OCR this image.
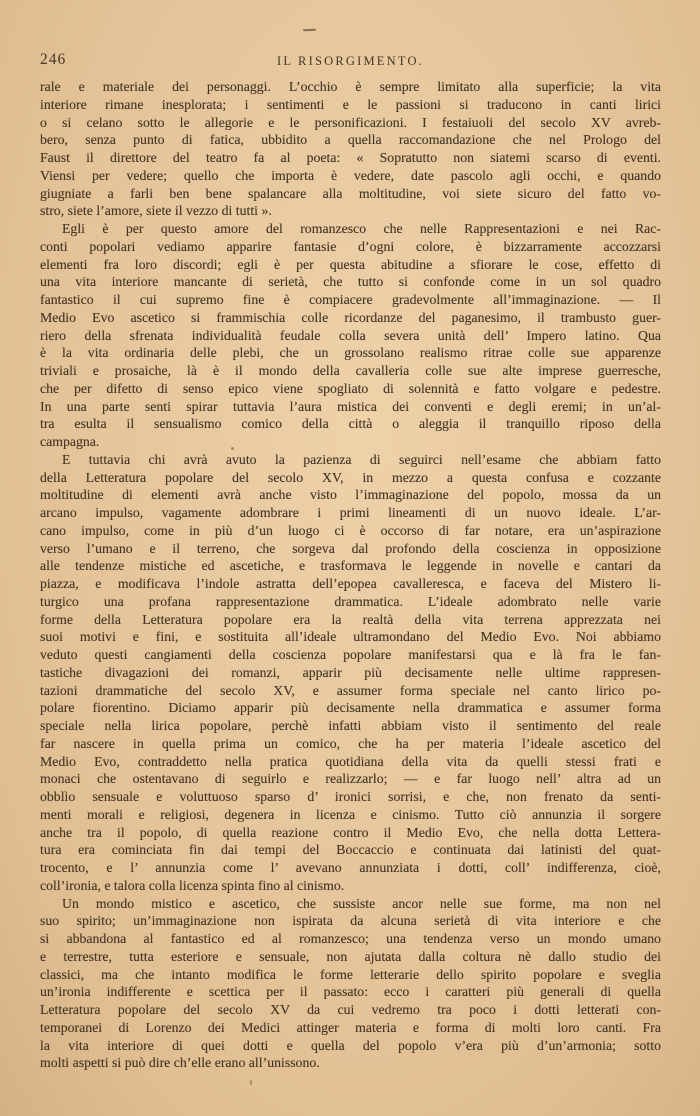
246	IL RISORGIMENTO.
rale e materiale dei personaggi. L’occhio è sempre limitato alla superficie; la vita
interiore rimane inesplorata; i sentimenti e le passioni si traducono in canti lirici
o si celano sotto le allegorie e le personificazioni. I festaiuoli del secolo XV avreb-
bero, senza punto di fatica, ubbidito a quella raccomandazione che nel Prologo del
Faust il direttore del teatro fa al poeta: « Sopratutto non siatemi scarso di eventi.
Viensi per vedere; quello che importa è vedere, date pascolo agli occhi, e quando
giugniate a farli ben bene spalancare alla moltitudine, voi siete sicuro del fatto vo-
stro, siete l’amore, siete il vezzo di tutti ».
Egli è per questo amore del romanzesco che nelle Rappresentazioni e nei Rac-
conti popolari vediamo apparire fantasie d’ogni colore, è bizzarramente accozzarsi
elementi fra loro discordi; egli è per questa abitudine a sfiorare le cose, effetto di
una vita interiore mancante di serietà, che tutto si confonde come in un sol quadro
fantastico il cui supremo fine è compiacere gradevolmente all’immaginazione. — Il
Medio Evo ascetico si frammischia colle ricordanze del paganesimo, il trambusto guer-
riero della sfrenata individualità feudale colla severa unità dell’ Impero latino. Qua
è la vita ordinaria delle plebi, che un grossolano realismo ritrae colle sue apparenze
triviali e prosaiche, là è il mondo della cavalleria colle sue alte imprese guerresche,
che per difetto di senso epico viene spogliato di solennità e fatto volgare e pedestre.
In una parte senti spirar tuttavia l’aura mistica dei conventi e degli eremi; in un’al-
tra esulta il sensualismo comico della città o aleggia il tranquillo riposo della
campagna.
E tuttavia chi avrà avuto la pazienza di seguirci nell’esame che abbiam fatto
della Letteratura popolare del secolo XV, in mezzo a questa confusa e cozzante
moltitudine di elementi avrà anche visto l’immaginazione del popolo, mossa da un
arcano impulso, vagamente adombrare i primi lineamenti di un nuovo ideale. L’ar-
cano impulso, come in più d’un luogo ci è occorso di far notare, era un’aspirazione
verso l’umano e il terreno, che sorgeva dal profondo della coscienza in opposizione
alle tendenze mistiche ed ascetiche, e trasformava le leggende in novelle e cantari da
piazza, e modificava l’indole astratta dell’epopea cavalleresca, e faceva del Mistero li-
turgico una profana rappresentazione drammatica. L’ideale adombrato nelle varie
forme della Letteratura popolare era la realtà della vita terrena apprezzata nei
suoi motivi e fini, e sostituita all’ideale ultramondano del Medio Evo. Noi abbiamo
veduto questi cangiamenti della coscienza popolare manifestarsi qua e là fra le fan-
tastiche divagazioni dei romanzi, apparir più decisamente nelle ultime rappresen-
tazioni drammatiche del secolo XV, e assumer forma speciale nel canto lirico po-
polare fiorentino. Diciamo apparir più decisamente nella drammatica e assumer forma
speciale nella lirica popolare, perchè infatti abbiam visto il sentimento del reale
far nascere in quella prima un comico, che ha per materia l’ideale ascetico del
Medio Evo, contraddetto nella pratica quotidiana della vita da quelli stessi frati e
monaci che ostentavano di seguirlo e realizzarlo; — e far luogo nell’ altra ad un
obblìo sensuale e voluttuoso sparso d’ ironici sorrisi, e che, non frenato da senti-
menti morali e religiosi, degenera in licenza e cinismo. Tutto ciò annunzia il sorgere
anche tra il popolo, di quella reazione contro il Medio Evo, che nella dotta Lettera-
tura era cominciata fin dai tempi del Boccaccio e continuata dai latinisti del quat-
trocento, e l’ annunzia come l’ avevano annunziata i dotti, coll’ indifferenza, cioè,
coll’ironia, e talora colla licenza spinta fino al cinismo.
Un mondo mistico e ascetico, che sussiste ancor nelle sue forme, ma non nel
suo spirito; un’immaginazione non ispirata da alcuna serietà di vita interiore e che
si abbandona al fantastico ed al romanzesco; una tendenza verso un mondo umano
e terrestre, tutta esteriore e sensuale, non ajutata dalla coltura nè dallo studio dei
classici, ma che intanto modifica le forme letterarie dello spirito popolare e sveglia
un’ironia indifferente e scettica per il passato: ecco i caratteri più generali di quella
Letteratura popolare del secolo XV da cui vedremo tra poco i dotti letterati con-
temporanei di Lorenzo dei Medici attinger materia e forma di molti loro canti. Fra
la vita interiore di quei dotti e quella del popolo v’era più d’un’armonia; sotto
molti aspetti si può dire ch’elle erano all’unissono.
